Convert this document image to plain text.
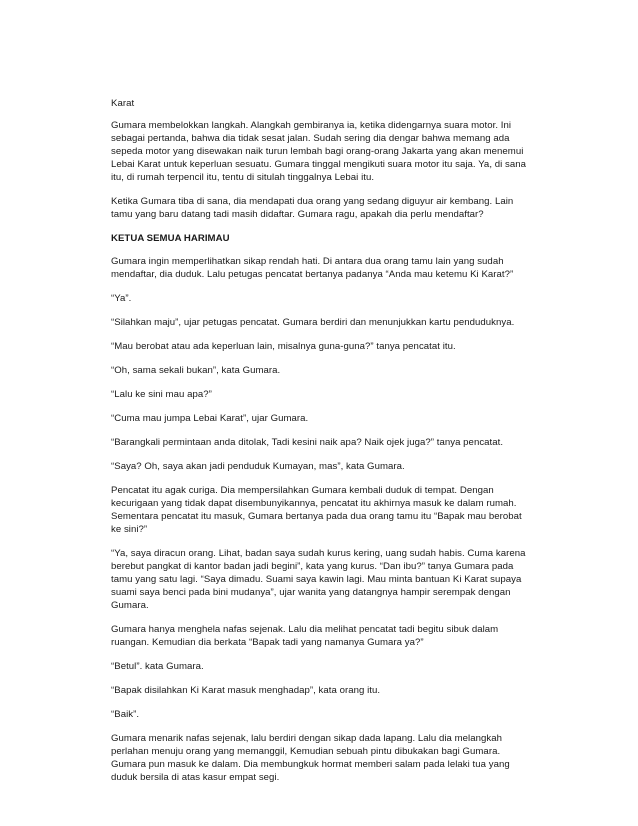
Karat

Gumara membelokkan langkah. Alangkah gembiranya ia, ketika didengarnya suara motor. Ini sebagai pertanda, bahwa dia tidak sesat jalan. Sudah sering dia dengar bahwa memang ada sepeda motor yang disewakan naik turun lembah bagi orang-orang Jakarta yang akan menemui Lebai Karat untuk keperluan sesuatu. Gumara tinggal mengikuti suara motor itu saja. Ya, di sana itu, di rumah terpencil itu, tentu di situlah tinggalnya Lebai itu.

Ketika Gumara tiba di sana, dia mendapati dua orang yang sedang diguyur air kembang. Lain tamu yang baru datang tadi masih didaftar. Gumara ragu, apakah dia perlu mendaftar?

KETUA SEMUA HARIMAU

Gumara ingin memperlihatkan sikap rendah hati. Di antara dua orang tamu lain yang sudah mendaftar, dia duduk. Lalu petugas pencatat bertanya padanya “Anda mau ketemu Ki Karat?”

“Ya”.

“Silahkan maju”, ujar petugas pencatat. Gumara berdiri dan menunjukkan kartu penduduknya.

“Mau berobat atau ada keperluan lain, misalnya guna-guna?” tanya pencatat itu.

“Oh, sama sekali bukan”, kata Gumara.

“Lalu ke sini mau apa?”

“Cuma mau jumpa Lebai Karat”, ujar Gumara.

“Barangkali permintaan anda ditolak, Tadi kesini naik apa? Naik ojek juga?” tanya pencatat.

“Saya? Oh, saya akan jadi penduduk Kumayan, mas”, kata Gumara.

Pencatat itu agak curiga. Dia mempersilahkan Gumara kembali duduk di tempat. Dengan kecurigaan yang tidak dapat disembunyikannya, pencatat itu akhirnya masuk ke dalam rumah. Sementara pencatat itu masuk, Gumara bertanya pada dua orang tamu itu “Bapak mau berobat ke sini?”

“Ya, saya diracun orang. Lihat, badan saya sudah kurus kering, uang sudah habis. Cuma karena berebut pangkat di kantor badan jadi begini”, kata yang kurus. “Dan ibu?” tanya Gumara pada tamu yang satu lagi. “Saya dimadu. Suami saya kawin lagi. Mau minta bantuan Ki Karat supaya suami saya benci pada bini mudanya”, ujar wanita yang datangnya hampir serempak dengan Gumara.

Gumara hanya menghela nafas sejenak. Lalu dia melihat pencatat tadi begitu sibuk dalam ruangan. Kemudian dia berkata “Bapak tadi yang namanya Gumara ya?”

“Betul”. kata Gumara.

“Bapak disilahkan Ki Karat masuk menghadap”, kata orang itu.

“Baik”.

Gumara menarik nafas sejenak, lalu berdiri dengan sikap dada lapang. Lalu dia melangkah perlahan menuju orang yang memanggil, Kemudian sebuah pintu dibukakan bagi Gumara. Gumara pun masuk ke dalam. Dia membungkuk hormat memberi salam pada lelaki tua yang duduk bersila di atas kasur empat segi.
